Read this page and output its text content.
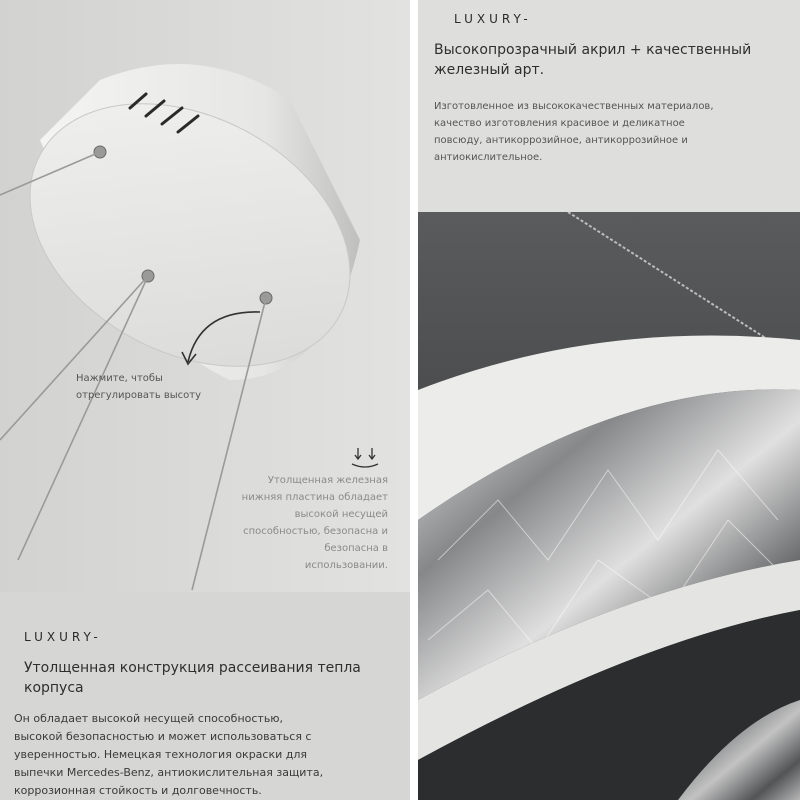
Нажмите, чтобы
отрегулировать высоту
Утолщенная железная
нижняя пластина обладает
высокой несущей
способностью, безопасна и
безопасна в
использовании.
LUXURY-
Утолщенная конструкция рассеивания тепла
корпуса
Он обладает высокой несущей способностью,
высокой безопасностью и может использоваться с
уверенностью. Немецкая технология окраски для
выпечки Mercedes-Benz, антиокислительная защита,
коррозионная стойкость и долговечность.
LUXURY-
Высокопрозрачный акрил + качественный
железный арт.
Изготовленное из высококачественных материалов,
качество изготовления красивое и деликатное
повсюду, антикоррозийное, антикоррозийное и
антиокислительное.
